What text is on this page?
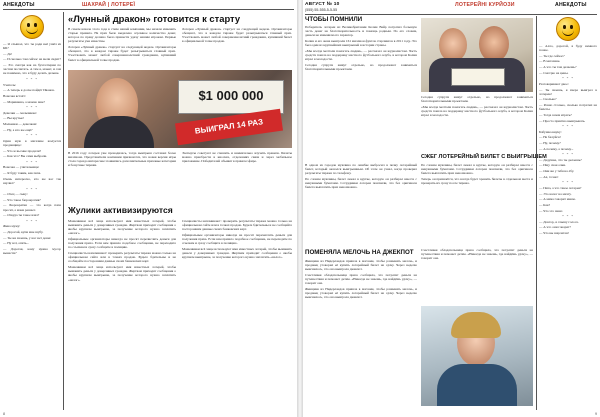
АНЕКДОТЫ	ШАХРАЙ | ЛОТЕРЕЇ

— Я слышал, что ты ради неё ушёл из КБ?

— Да!

— И сколько там сейчас на мели сидит?

— Это смотря как на бухгалтерии по частям посчитать. А там я, может, и сам не понимаю, что я буду делать дальше.

* * *

Учитель:

— А теперь к доске пойдёт Иванов.

Вовочка встаёт:

— Мариванна, а можно мне?

* * *

Девочки — мальчикам:

— Вы крутые!

Мальчики — девочкам:

— Ну, а кто же ещё?

* * *

Один муж в магазине жалуется продавщице:

— Что ж вы мне продали?

— Как что? Вы сами выбрали.

* * *

Вовочка — учительнице:

— Я буду таким, как папа.

Очень интересно, кто же вас так научил?

* * *

— Отец — сыну:

— Что такое бюрократия?

— Бюрократия — это когда папа просит, а мама решает.

— Откуда ты такое взял?

* * *

Жена мужу:

— Дорогой, купи мне шубу.

— Ты же знаешь, у нас нет денег.

— Ну вот, опять...

— Дорогая, кому нужно мусор вынести?

«Лунный дракон» готовится к старту

В самом начале этого года в стиле нашей компании, мы начали изменять старые правила. На приз было выделено огромное количество денег, которое по праву должно было принести удачу нашим игрокам. Первые результаты уже известны.

Лотерея «Лунный дракон» стартует на следующей неделе. Организаторы обещают, что в каждом тираже будет разыгрываться главный приз. Участвовать может любой совершеннолетний гражданин, купивший билет в официальной точке продаж.

Лотерея «Лунный дракон» стартует на следующей неделе. Организаторы обещают, что в каждом тираже будет разыгрываться главный приз. Участвовать может любой совершеннолетний гражданин, купивший билет в официальной точке продаж.

$1 000 000
ВЫИГРАЛ 14 РАЗ

В 2016 году лотерея уже проводилась, тогда выигрыш составил более миллиона. Представители компании признаются, что новая версия игры стала гораздо интереснее: появились дополнительные призовые категории и бонусные тиражи.

Эксперты советуют не спешить и внимательно изучить правила. Билеты можно приобрести в киосках, отделениях связи и через мобильное приложение. Победителей объявят в прямом эфире.

Жулики активизируются

Мошенники всё чаще используют имя известных лотерей, чтобы выманить деньги у доверчивых граждан. Жертвам приходят сообщения о якобы крупном выигрыше, за получение которого нужно заплатить «налог».

Официальные организаторы никогда не просят перечислять деньги для получения приза. Если вам пришло подобное сообщение, не переходите по ссылкам и сразу сообщите в полицию.

Специалисты напоминают: проверить результаты тиража можно только на официальном сайте или в точках продаж. Будьте бдительны и не сообщайте посторонним данные своих банковских карт.

Мошенники всё чаще используют имя известных лотерей, чтобы выманить деньги у доверчивых граждан. Жертвам приходят сообщения о якобы крупном выигрыше, за получение которого нужно заплатить «налог».

Специалисты напоминают: проверить результаты тиража можно только на официальном сайте или в точках продаж. Будьте бдительны и не сообщайте посторонним данные своих банковских карт.

Официальные организаторы никогда не просят перечислять деньги для получения приза. Если вам пришло подобное сообщение, не переходите по ссылкам и сразу сообщите в полицию.

Мошенники всё чаще используют имя известных лотерей, чтобы выманить деньги у доверчивых граждан. Жертвам приходят сообщения о якобы крупном выигрыше, за получение которого нужно заплатить «налог».

8
АВГУСТ № 10
(555) 55-555-5-5-55
ЛОТЕРЕЙНІ КУРЙОЗИ	АНЕКДОТЫ
ЧТОБЫ ПОМНИЛИ

Победитель лотереи из Великобритании Колин Вейр потратил большую часть денег на благотворительность и помощь родным. По его словам, деньги не изменили его характер.

Колин и его жена выиграли 161 миллион фунтов стерлингов в 2011 году. Это был один из крупнейших выигрышей в истории страны.

«Мы всегда мечтали помогать людям», — рассказал он журналистам. Часть средств пошла на поддержку местного футбольного клуба, в котором Колин играл в молодости.

Сегодня супруги живут отдельно, но продолжают заниматься благотворительными проектами.

Сегодня супруги живут отдельно, но продолжают заниматься благотворительными проектами.

«Мы всегда мечтали помогать людям», — рассказал он журналистам. Часть средств пошла на поддержку местного футбольного клуба, в котором Колин играл в молодости.

СЖЕГ ЛОТЕРЕЙНЫЙ БИЛЕТ С ВЫИГРЫШЕМ

В одном из городов мужчина по ошибке выбросил в печку лотерейный билет, который оказался выигрышным. Об этом он узнал, когда проверил результаты тиража по телефону.

По словам мужчины, билет лежал в куртке, которую он разбирал вместе с ненужными бумагами. Сотрудники лотереи пояснили, что без оригинала билета выплатить приз невозможно.

По словам мужчины, билет лежал в куртке, которую он разбирал вместе с ненужными бумагами. Сотрудники лотереи пояснили, что без оригинала билета выплатить приз невозможно.

Теперь он признаётся, что всегда будет хранить билеты в отдельном месте и проверять их сразу после тиража.

ПОМЕНЯЛА МЕЛОЧЬ НА ДЖЕКПОТ

Женщина из Нидерландов пришла в магазин, чтобы разменять мелочь, и продавец уговорил её купить лотерейный билет на сдачу. Через неделю выяснилось, что она выиграла джекпот.

Счастливая обладательница приза сообщила, что потратит деньги на путешествия и поможет детям. «Никогда не знаешь, где найдёшь удачу», — говорит она.

Женщина из Нидерландов пришла в магазин, чтобы разменять мелочь, и продавец уговорил её купить лотерейный билет на сдачу. Через неделю выяснилось, что она выиграла джекпот.

Счастливая обладательница приза сообщила, что потратит деньги на путешествия и поможет детям. «Никогда не знаешь, где найдёшь удачу», — говорит она.

— Алло, дорогой, я буду немного позже.

— Ты где сейчас?

— В магазине.

— А что ты там делаешь?

— Смотрю на цены.

* * *

Разговаривают двое:

— Ты знаешь, я вчера выиграл в лотерею!

— Сколько?

— Ровно столько, сколько потратил на билеты.

— Тогда зачем играть?

— Просто приятно выигрывать.

* * *

Бабушка внуку:

— Не балуйся!

— Ну, почему?

— А почему, а почему...

* * *

— Дедушка, что ты делаешь?

— Ищу свои очки.

— Они же у тебя на лбу.

— Ах, точно!

* * *

— Папа, а что такое лотерея?

— Это налог на мечту.

— А мама говорит иначе.

— Как?

— Что это шанс.

* * *

— Доктор, я слышу голоса.

— А что они говорят?

— Что вы шарлатан!

9
